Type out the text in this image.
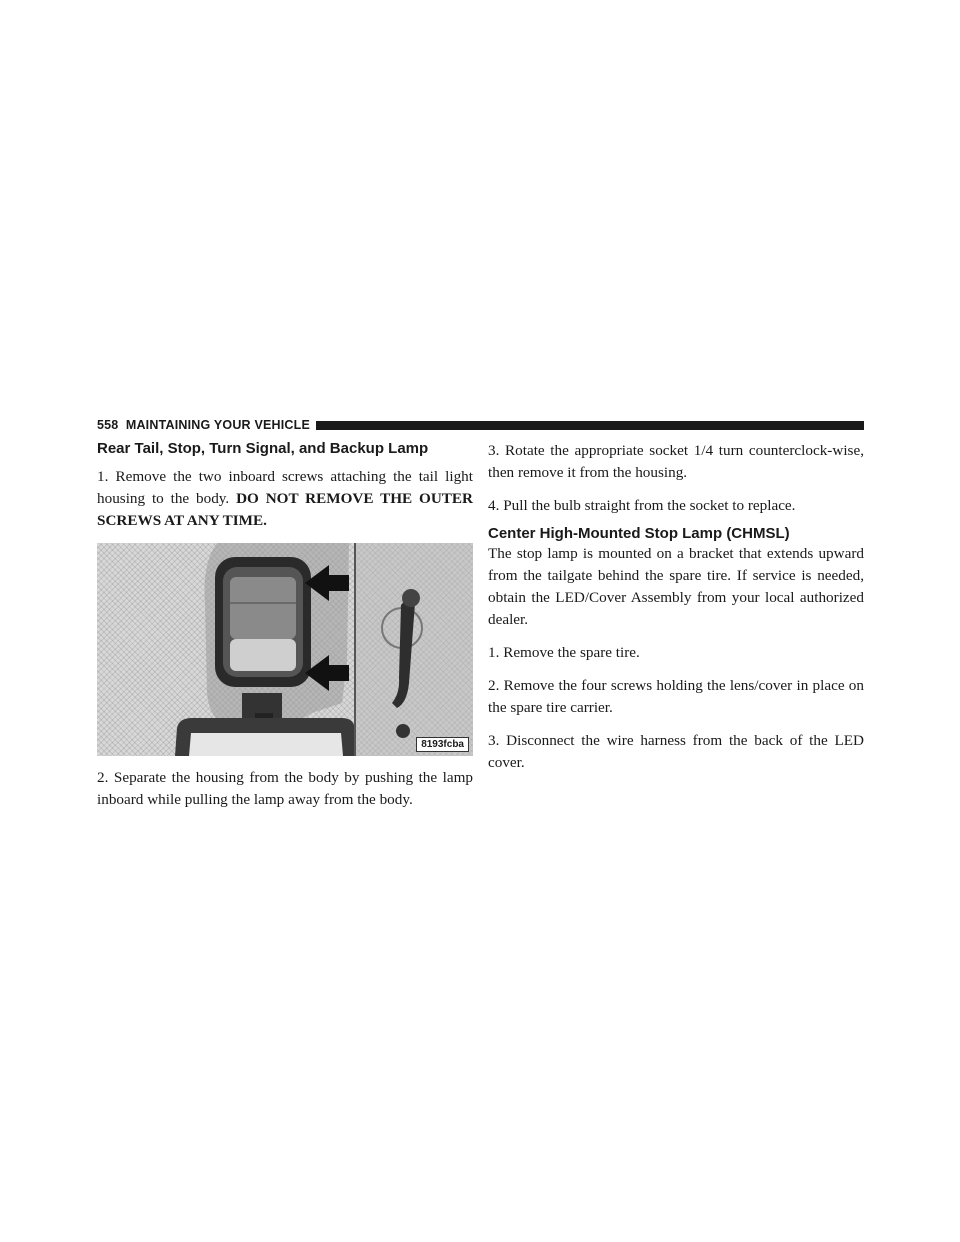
558 MAINTAINING YOUR VEHICLE
Rear Tail, Stop, Turn Signal, and Backup Lamp

1. Remove the two inboard screws attaching the tail light housing to the body. DO NOT REMOVE THE OUTER SCREWS AT ANY TIME.

8193fcba

2. Separate the housing from the body by pushing the lamp inboard while pulling the lamp away from the body.

3. Rotate the appropriate socket 1/4 turn counterclock-wise, then remove it from the housing.

4. Pull the bulb straight from the socket to replace.

Center High-Mounted Stop Lamp (CHMSL)

The stop lamp is mounted on a bracket that extends upward from the tailgate behind the spare tire. If service is needed, obtain the LED/Cover Assembly from your local authorized dealer.

1. Remove the spare tire.

2. Remove the four screws holding the lens/cover in place on the spare tire carrier.

3. Disconnect the wire harness from the back of the LED cover.
